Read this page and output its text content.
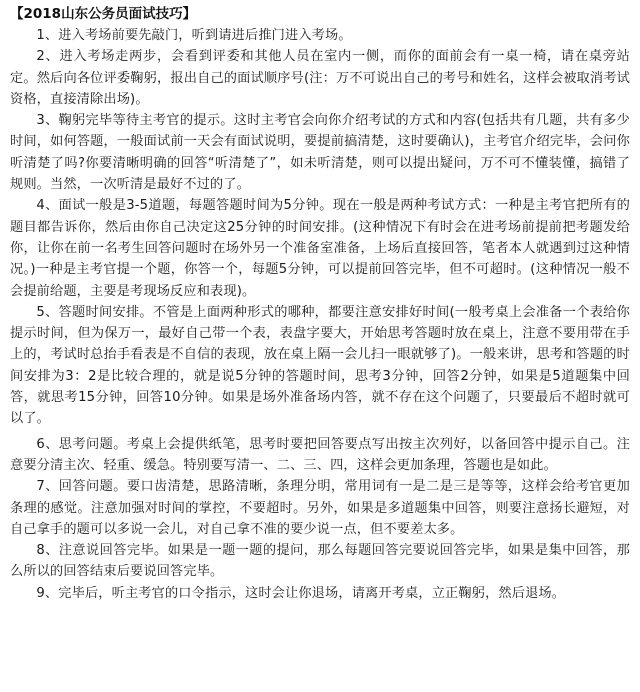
【2018山东公务员面试技巧】

1、进入考场前要先敲门，听到请进后推门进入考场。

2、进入考场走两步，会看到评委和其他人员在室内一侧，而你的面前会有一桌一椅，请在桌旁站定。然后向各位评委鞠躬，报出自己的面试顺序号(注：万不可说出自己的考号和姓名，这样会被取消考试资格，直接清除出场)。

3、鞠躬完毕等待主考官的提示。这时主考官会向你介绍考试的方式和内容(包括共有几题，共有多少时间，如何答题，一般面试前一天会有面试说明，要提前搞清楚，这时要确认)，主考官介绍完毕，会问你听清楚了吗?你要清晰明确的回答“听清楚了”，如未听清楚，则可以提出疑问，万不可不懂装懂，搞错了规则。当然，一次听清是最好不过的了。

4、面试一般是3-5道题，每题答题时间为5分钟。现在一般是两种考试方式：一种是主考官把所有的题目都告诉你，然后由你自己决定这25分钟的时间安排。(这种情况下有时会在进考场前提前把考题发给你，让你在前一名考生回答问题时在场外另一个准备室准备，上场后直接回答，笔者本人就遇到过这种情况。)一种是主考官提一个题，你答一个，每题5分钟，可以提前回答完毕，但不可超时。(这种情况一般不会提前给题，主要是考现场反应和表现)。

5、答题时间安排。不管是上面两种形式的哪种，都要注意安排好时间(一般考桌上会准备一个表给你提示时间，但为保万一，最好自己带一个表，表盘字要大，开始思考答题时放在桌上，注意不要用带在手上的，考试时总抬手看表是不自信的表现，放在桌上隔一会儿扫一眼就够了)。一般来讲，思考和答题的时间安排为3：2是比较合理的，就是说5分钟的答题时间，思考3分钟，回答2分钟，如果是5道题集中回答，就思考15分钟，回答10分钟。如果是场外准备场内答，就不存在这个问题了，只要最后不超时就可以了。

6、思考问题。考桌上会提供纸笔，思考时要把回答要点写出按主次列好，以备回答中提示自己。注意要分清主次、轻重、缓急。特别要写清一、二、三、四，这样会更加条理，答题也是如此。

7、回答问题。要口齿清楚，思路清晰，条理分明，常用词有一是二是三是等等，这样会给考官更加条理的感觉。注意加强对时间的掌控，不要超时。另外，如果是多道题集中回答，则要注意扬长避短，对自己拿手的题可以多说一会儿，对自己拿不准的要少说一点，但不要差太多。

8、注意说回答完毕。如果是一题一题的提问，那么每题回答完要说回答完毕，如果是集中回答，那么所以的回答结束后要说回答完毕。

9、完毕后，听主考官的口令指示，这时会让你退场，请离开考桌，立正鞠躬，然后退场。
